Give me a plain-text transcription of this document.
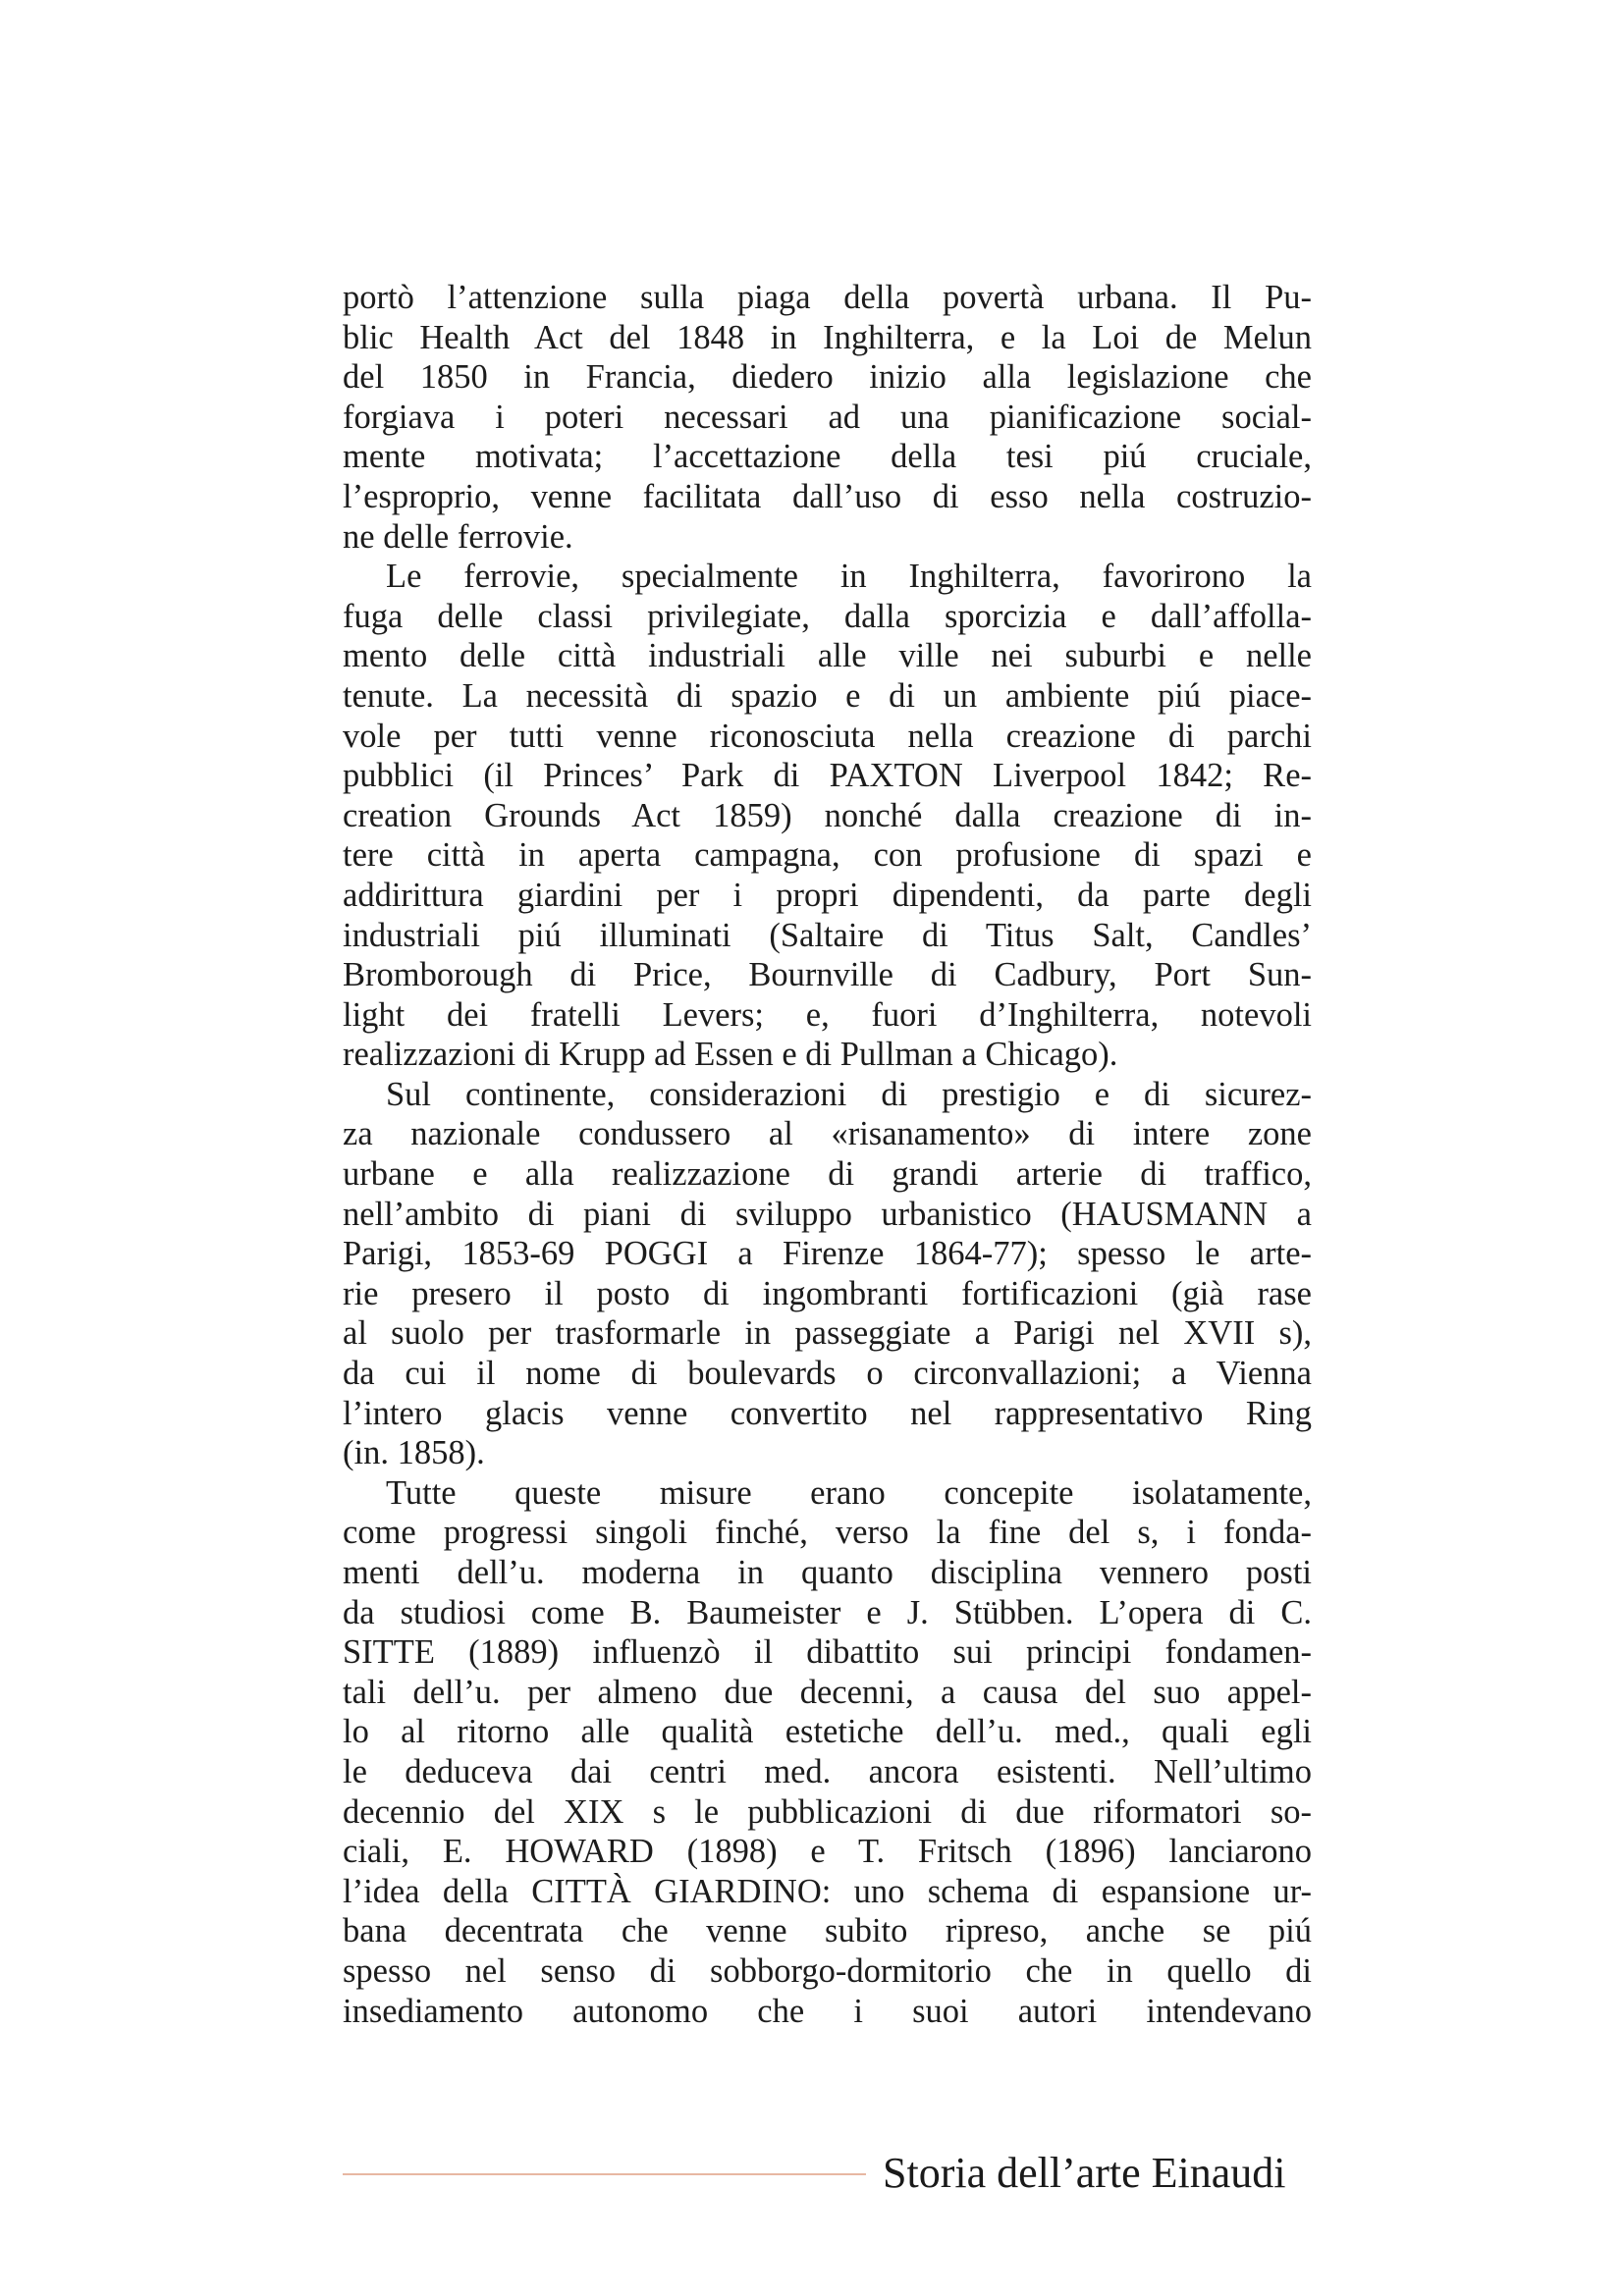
portò l’attenzione sulla piaga della povertà urbana. Il Pu-
blic Health Act del 1848 in Inghilterra, e la Loi de Melun
del 1850 in Francia, diedero inizio alla legislazione che
forgiava i poteri necessari ad una pianificazione social-
mente motivata; l’accettazione della tesi piú cruciale,
l’esproprio, venne facilitata dall’uso di esso nella costruzio-
ne delle ferrovie.
Le ferrovie, specialmente in Inghilterra, favorirono la
fuga delle classi privilegiate, dalla sporcizia e dall’affolla-
mento delle città industriali alle ville nei suburbi e nelle
tenute. La necessità di spazio e di un ambiente piú piace-
vole per tutti venne riconosciuta nella creazione di parchi
pubblici (il Princes’ Park di PAXTON Liverpool 1842; Re-
creation Grounds Act 1859) nonché dalla creazione di in-
tere città in aperta campagna, con profusione di spazi e
addirittura giardini per i propri dipendenti, da parte degli
industriali piú illuminati (Saltaire di Titus Salt, Candles’
Bromborough di Price, Bournville di Cadbury, Port Sun-
light dei fratelli Levers; e, fuori d’Inghilterra, notevoli
realizzazioni di Krupp ad Essen e di Pullman a Chicago).
Sul continente, considerazioni di prestigio e di sicurez-
za nazionale condussero al «risanamento» di intere zone
urbane e alla realizzazione di grandi arterie di traffico,
nell’ambito di piani di sviluppo urbanistico (HAUSMANN a
Parigi, 1853-69 POGGI a Firenze 1864-77); spesso le arte-
rie presero il posto di ingombranti fortificazioni (già rase
al suolo per trasformarle in passeggiate a Parigi nel XVII s),
da cui il nome di boulevards o circonvallazioni; a Vienna
l’intero glacis venne convertito nel rappresentativo Ring
(in. 1858).
Tutte queste misure erano concepite isolatamente,
come progressi singoli finché, verso la fine del s, i fonda-
menti dell’u. moderna in quanto disciplina vennero posti
da studiosi come B. Baumeister e J. Stübben. L’opera di C.
SITTE (1889) influenzò il dibattito sui principi fondamen-
tali dell’u. per almeno due decenni, a causa del suo appel-
lo al ritorno alle qualità estetiche dell’u. med., quali egli
le deduceva dai centri med. ancora esistenti. Nell’ultimo
decennio del XIX s le pubblicazioni di due riformatori so-
ciali, E. HOWARD (1898) e T. Fritsch (1896) lanciarono
l’idea della CITTÀ GIARDINO: uno schema di espansione ur-
bana decentrata che venne subito ripreso, anche se piú
spesso nel senso di sobborgo-dormitorio che in quello di
insediamento autonomo che i suoi autori intendevano
Storia dell’arte Einaudi
